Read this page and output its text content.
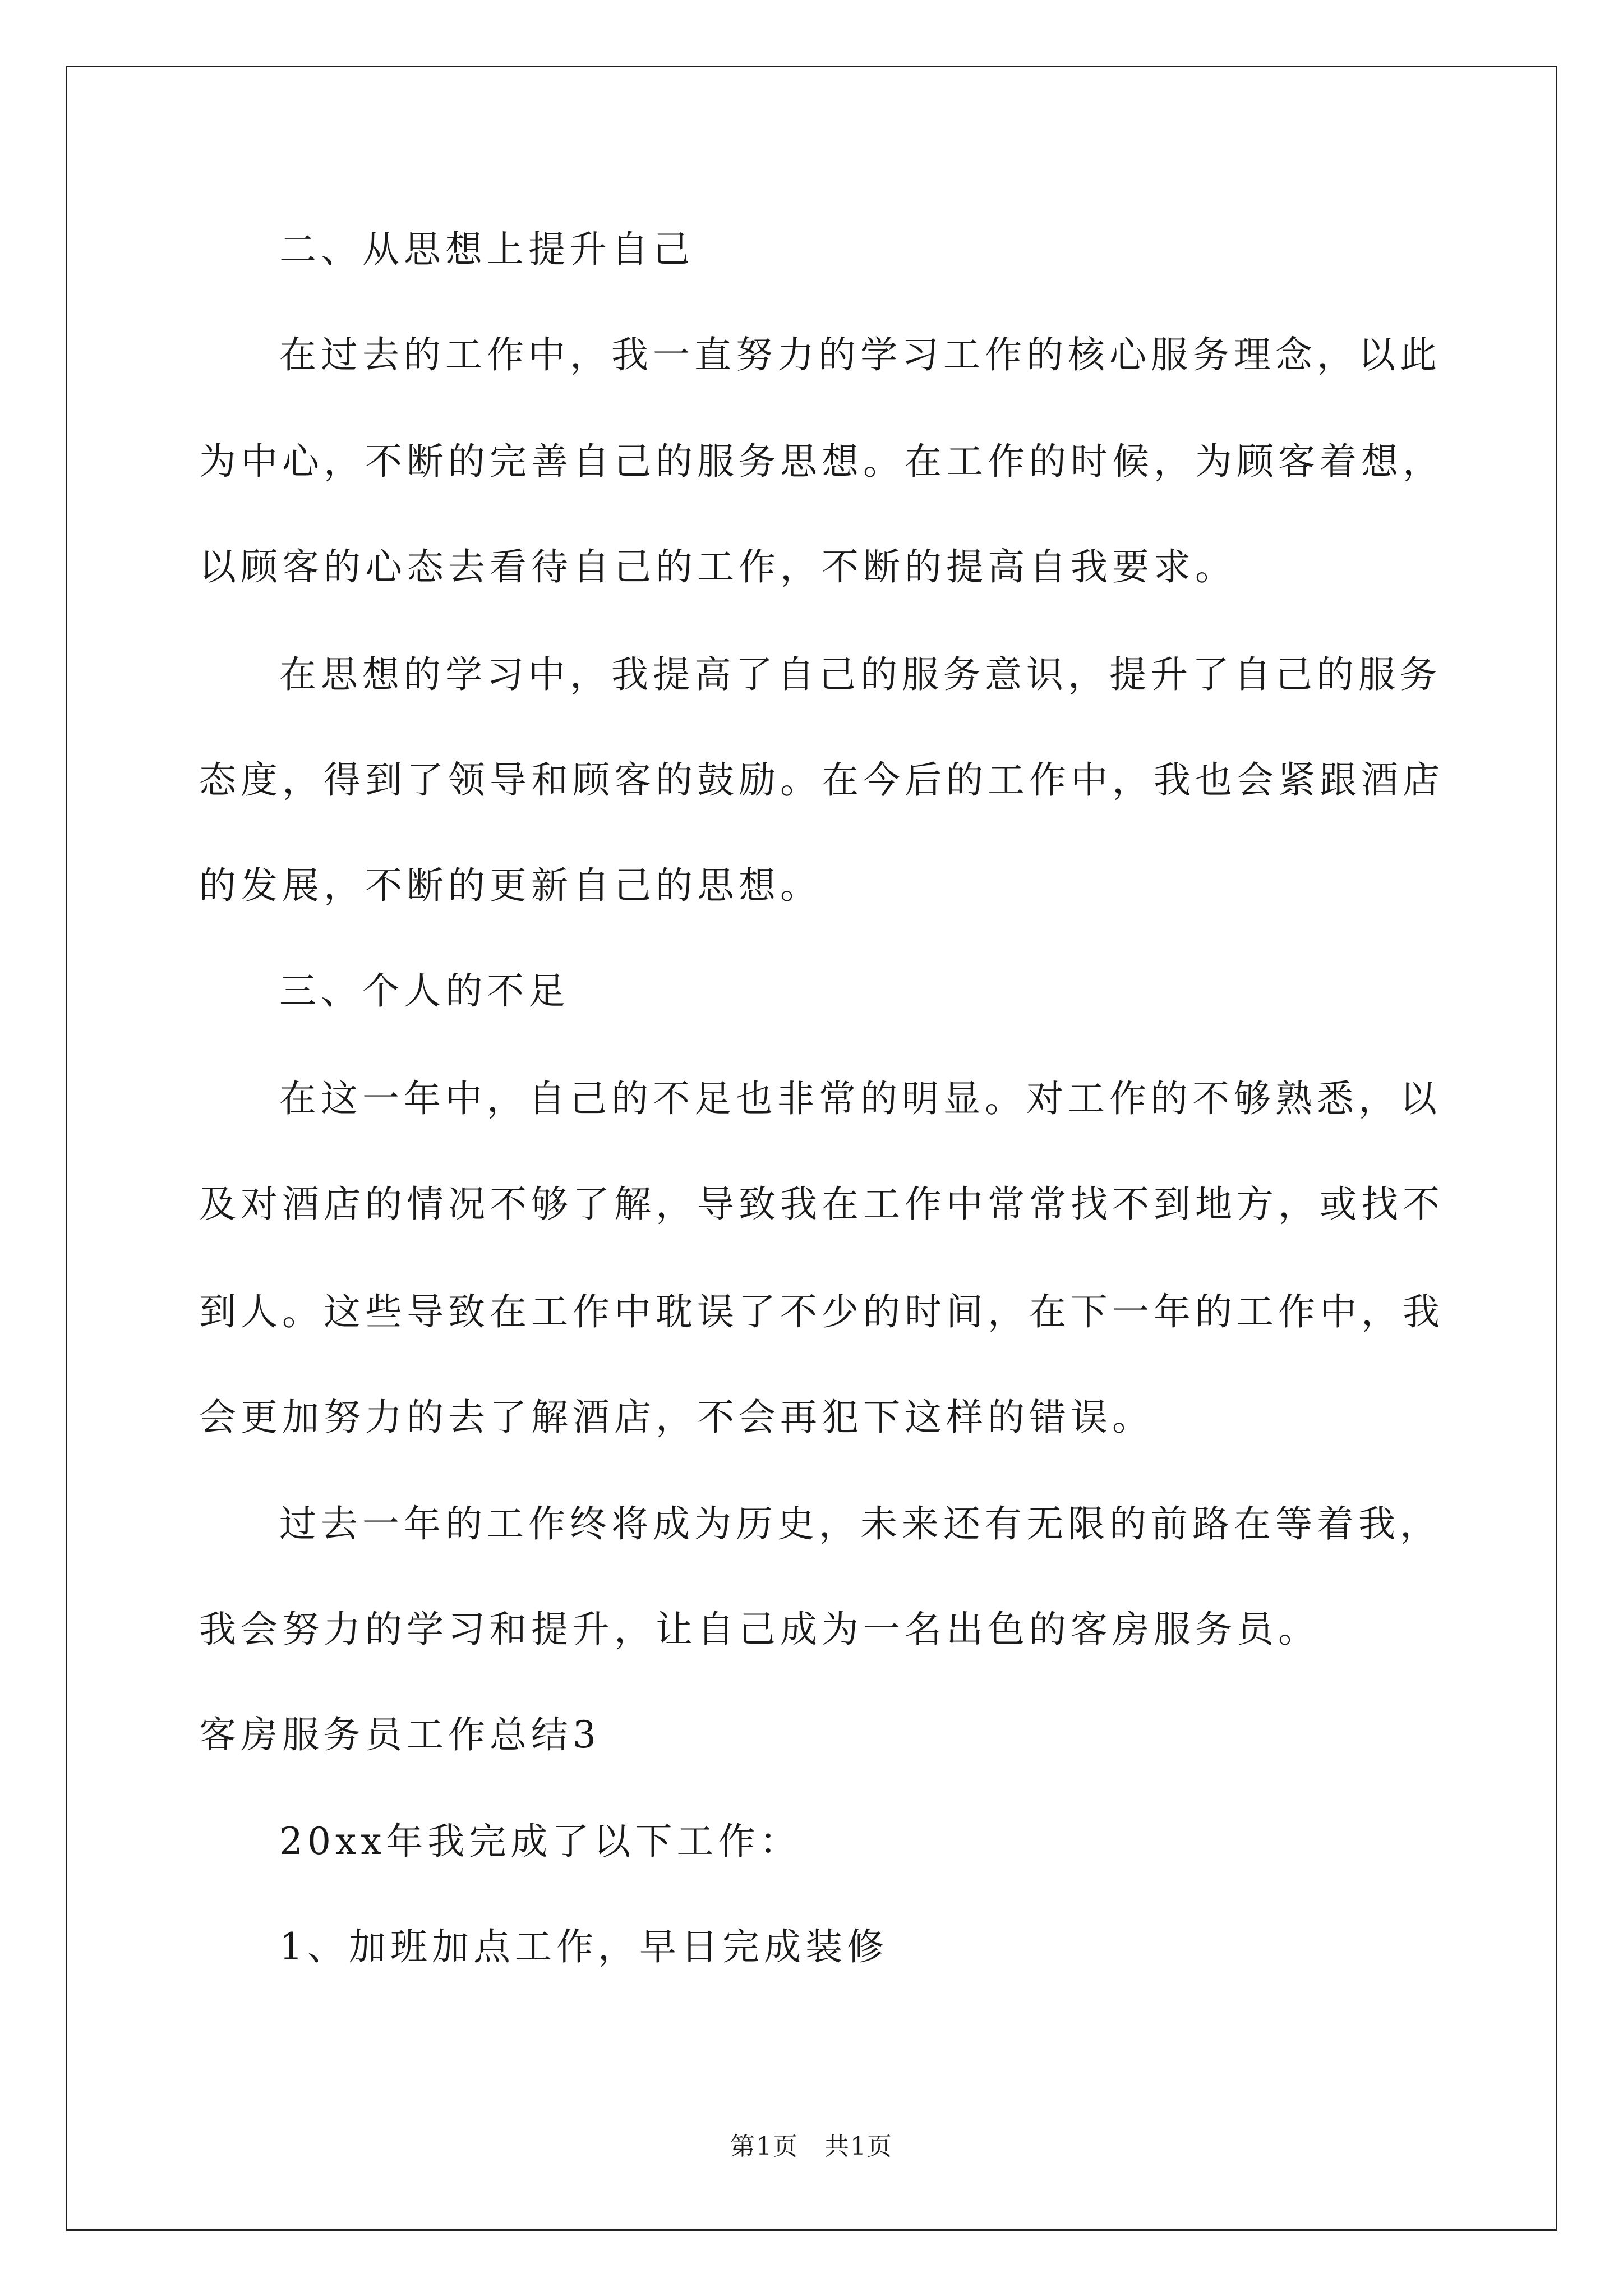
二、从思想上提升自己
在过去的工作中，我一直努力的学习工作的核心服务理念，以此
为中心，不断的完善自己的服务思想。在工作的时候，为顾客着想，
以顾客的心态去看待自己的工作，不断的提高自我要求。
在思想的学习中，我提高了自己的服务意识，提升了自己的服务
态度，得到了领导和顾客的鼓励。在今后的工作中，我也会紧跟酒店
的发展，不断的更新自己的思想。
三、个人的不足
在这一年中，自己的不足也非常的明显。对工作的不够熟悉，以
及对酒店的情况不够了解，导致我在工作中常常找不到地方，或找不
到人。这些导致在工作中耽误了不少的时间，在下一年的工作中，我
会更加努力的去了解酒店，不会再犯下这样的错误。
过去一年的工作终将成为历史，未来还有无限的前路在等着我，
我会努力的学习和提升，让自己成为一名出色的客房服务员。
客房服务员工作总结3
20xx年我完成了以下工作：
1、加班加点工作，早日完成装修
第1页　共1页
